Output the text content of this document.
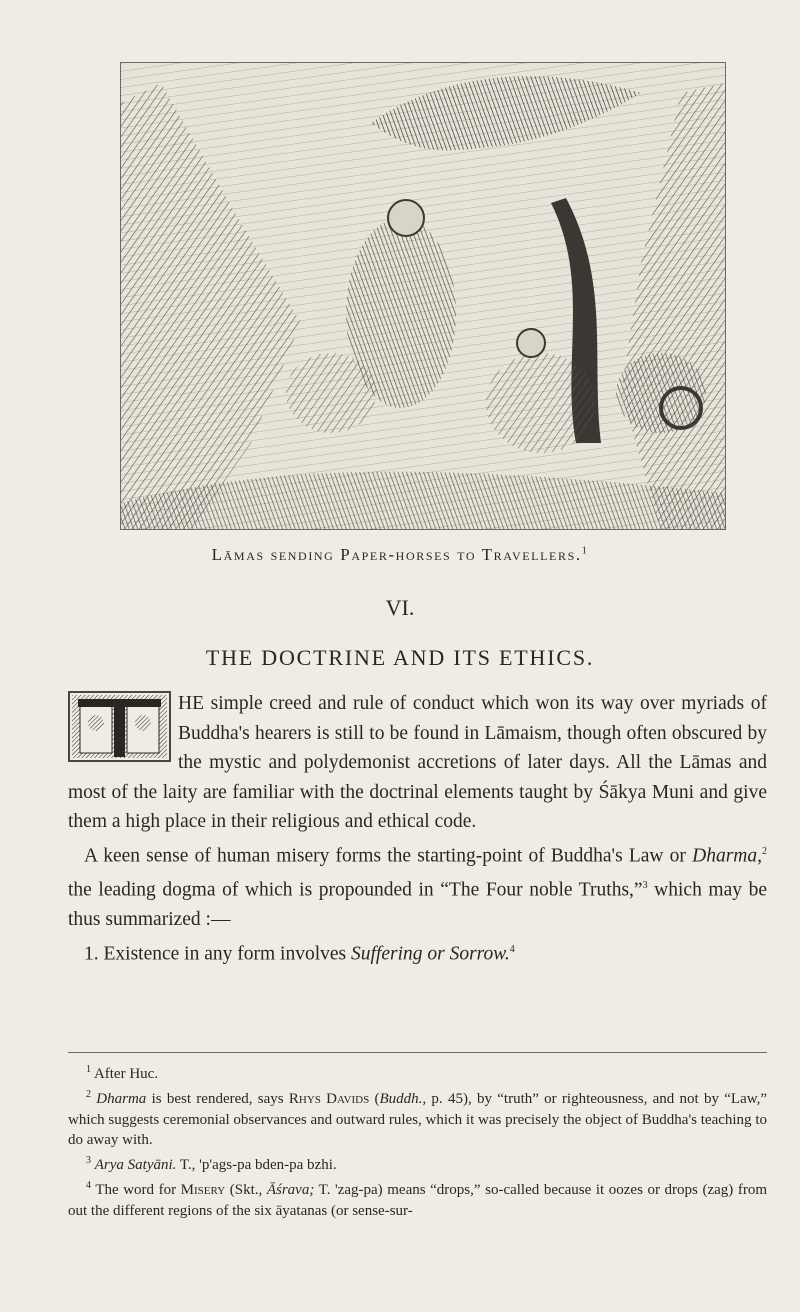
Lāmas sending Paper-horses to Travellers.$^1$
VI.
THE DOCTRINE AND ITS ETHICS.

HE simple creed and rule of conduct which won its way over myriads of Buddha's hearers is still to be found in Lāmaism, though often obscured by the mystic and polydemonist accretions of later days. All the Lāmas and most of the laity are familiar with the doctrinal elements taught by Śākya Muni and give them a high place in their religious and ethical code.

A keen sense of human misery forms the starting-point of Buddha's Law or Dharma,$^2$ the leading dogma of which is propounded in “The Four noble Truths,”$^3$ which may be thus summarized :—

1. Existence in any form involves Suffering or Sorrow.$^4$

$^1$ After Huc.

$^2$ Dharma is best rendered, says Rhys Davids (Buddh., p. 45), by “truth” or righteousness, and not by “Law,” which suggests ceremonial observances and outward rules, which it was precisely the object of Buddha's teaching to do away with.

$^3$ Arya Satyāni. T., 'p'ags-pa bden-pa bzhi.

$^4$ The word for Misery (Skt., Āśrava; T. 'zag-pa) means “drops,” so-called because it oozes or drops (zag) from out the different regions of the six āyatanas (or sense-sur-
